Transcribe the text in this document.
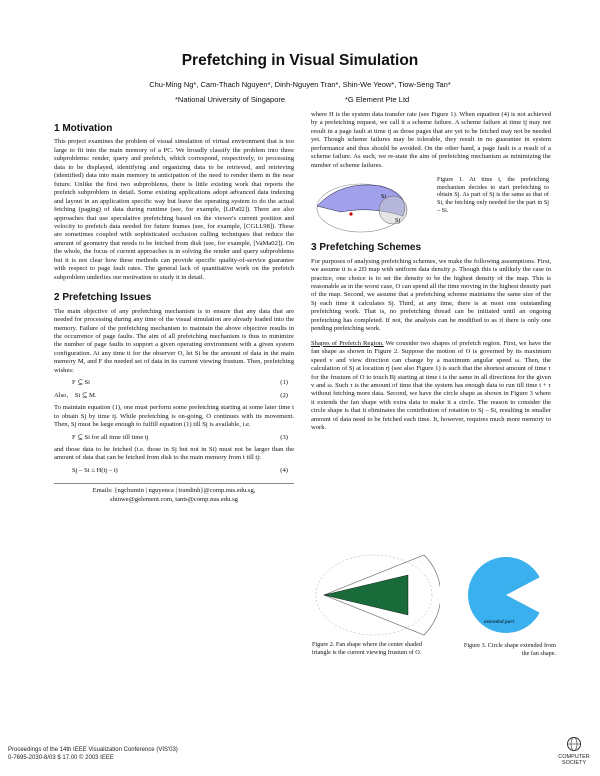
Prefetching in Visual Simulation
Chu-Ming Ng*, Cam-Thach Nguyen*, Dinh-Nguyen Tran*, Shin-We Yeow*, Tiow-Seng Tan*
*National University of Singapore	*G Element Pte Ltd

1 Motivation

This project examines the problem of visual simulation of virtual environment that is too large to fit into the main memory of a PC. We broadly classify the problem into three subproblems: render, query and prefetch, which correspond, respectively, to processing data to be displayed, identifying and organizing data to be retrieved, and retrieving (identified) data into main memory in anticipation of the need to render them in the near future. Unlike the first two subproblems, there is little existing work that reports the prefetch subproblem in detail. Some existing applications adopt advanced data indexing and layout in an application specific way but leave the operating system to do the actual fetching (paging) of data during runtime (see, for example, [LiPa02]). There are also approaches that use speculative prefetching based on the viewer's current position and velocity to prefetch data needed for future frames (see, for example, [CGLL98]). These are sometimes coupled with sophisticated occlusion culling techniques that reduce the amount of geometry that needs to be fetched from disk (see, for example, [VaMa02]). On the whole, the focus of current approaches is in solving the render and query subproblems but it is not clear how these methods can provide specific quality-of-service guarantee with respect to page fault rates. The general lack of quantitative work on the prefetch subproblem underlies our motivation to study it in detail.

2 Prefetching Issues

The main objective of any prefetching mechanism is to ensure that any data that are needed for processing during any time of the visual simulation are already loaded into the memory. Failure of the prefetching mechanism to maintain the above objective results in the occurrence of page faults. The aim of all prefetching mechanism is thus to minimize the number of page faults to support a given operating environment with a given system configuration. At any time ti for the observer O, let Si be the amount of data in the main memory M, and F the needed set of data in its current viewing frustum. Then, prefetching wishes:

F ⊆ Si	(1)
Also, Si ⊆ M.	(2)

To maintain equation (1), one must perform some prefetching starting at some later time t to obtain Sj by time tj. While prefetching is on-going, O continues with its movement. Then, Sj must be large enough to fulfill equation (1) till Sj is available, i.e.

F ⊆ Si for all time till time tj	(3)

and those data to be fetched (i.e. those in Sj but not in Si) must not be larger than the amount of data that can be fetched from disk to the main memory from t till tj:

Sj – Si ≤ H(tj – t)	(4)
Emails: {ngchumin | nguyenca | trandinh}@comp.nus.edu.sg,
shinwe@gelement.com, tants@comp.nus.edu.sg

where H is the system data transfer rate (see Figure 1). When equation (4) is not achieved by a prefetching request, we call it a scheme failure. A scheme failure at time tj may not result in a page fault at time tj as those pages that are yet to be fetched may not be needed yet. Though scheme failures may be tolerable, they result in no guarantee in system performance and thus should be avoided. On the other hand, a page fault is a result of a scheme failure. As such, we re-state the aim of prefetching mechanism as minimizing the number of scheme failures.

Si
Sj
Figure 1. At time t, the prefetching mechanism decides to start prefetching to obtain Sj. As part of Sj is the same as that of Si, the fetching only needed for the part in Sj – Si.

3 Prefetching Schemes

For purposes of analysing prefetching schemes, we make the following assumptions. First, we assume it is a 2D map with uniform data density ρ. Though this is unlikely the case in practice, one choice is to set the density to be the highest density of the map. This is reasonable as in the worst case, O can spend all the time moving in the highest density part of the map. Second, we assume that a prefetching scheme maintains the same size of the Sj each time it calculates Sj. Third, at any time, there is at most one outstanding prefetching work. That is, no prefetching thread can be initiated until an ongoing prefetching has completed. If not, the analysis can be modified to as if there is only one pending prefetching work.

Shapes of Prefetch Region. We consider two shapes of prefetch region. First, we have the fan shape as shown in Figure 2. Suppose the motion of O is governed by its maximum speed v and view direction can change by a maximum angular speed ω. Then, the calculation of Sj at location rj (see also Figure 1) is such that the shortest amount of time τ for the frustum of O to touch Bj starting at time t is the same in all directions for the given v and ω. Such τ is the amount of time that the system has enough data to run till time t + τ without fetching more data. Second, we have the circle shape as shown in Figure 3 where it extends the fan shape with extra data to make it a circle. The reason to consider the circle shape is that it eliminates the contribution of rotation to Sj – Si, resulting in smaller amount of data need to be fetched each time. It, however, requires much more memory to work.

Figure 2. Fan shape where the center shaded triangle is the current viewing frustum of O.
extended part
Figure 3. Circle shape extended from the fan shape.
Proceedings of the 14th IEEE Visualization Conference (VIS'03)
0-7695-2030-8/03 $ 17.00 © 2003 IEEE	COMPUTER SOCIETY
